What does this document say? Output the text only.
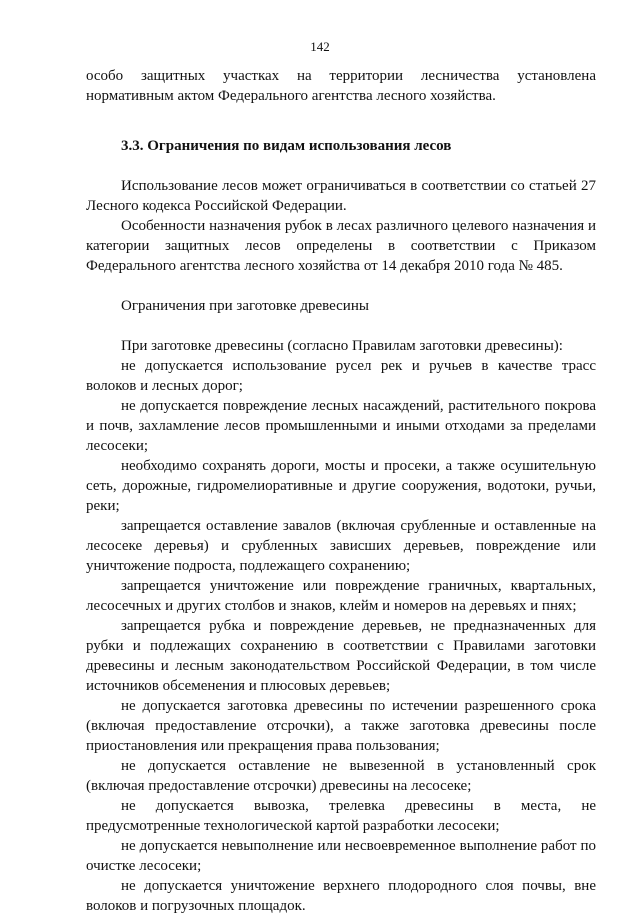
142

особо защитных участках на территории лесничества установлена нормативным актом Федерального агентства лесного хозяйства.

3.3. Ограничения по видам использования лесов

Использование лесов может ограничиваться в соответствии со статьей 27 Лесного кодекса Российской Федерации.

Особенности назначения рубок в лесах различного целевого назначения и категории защитных лесов определены в соответствии с Приказом Федерального агентства лесного хозяйства от 14 декабря 2010 года № 485.

Ограничения при заготовке древесины

При заготовке древесины (согласно Правилам заготовки древесины):

не допускается использование русел рек и ручьев в качестве трасс волоков и лесных дорог;

не допускается повреждение лесных насаждений, растительного покрова и почв, захламление лесов промышленными и иными отходами за пределами лесосеки;

необходимо сохранять дороги, мосты и просеки, а также осушительную сеть, дорожные, гидромелиоративные и другие сооружения, водотоки, ручьи, реки;

запрещается оставление завалов (включая срубленные и оставленные на лесосеке деревья) и срубленных зависших деревьев, повреждение или уничтожение подроста, подлежащего сохранению;

запрещается уничтожение или повреждение граничных, квартальных, лесосечных и других столбов и знаков, клейм и номеров на деревьях и пнях;

запрещается рубка и повреждение деревьев, не предназначенных для рубки и подлежащих сохранению в соответствии с Правилами заготовки древесины и лесным законодательством Российской Федерации, в том числе источников обсеменения и плюсовых деревьев;

не допускается заготовка древесины по истечении разрешенного срока (включая предоставление отсрочки), а также заготовка древесины после приостановления или прекращения права пользования;

не допускается оставление не вывезенной в установленный срок (включая предоставление отсрочки) древесины на лесосеке;

не допускается вывозка, трелевка древесины в места, не предусмотренные технологической картой разработки лесосеки;

не допускается невыполнение или несвоевременное выполнение работ по очистке лесосеки;

не допускается уничтожение верхнего плодородного слоя почвы, вне волоков и погрузочных площадок.
